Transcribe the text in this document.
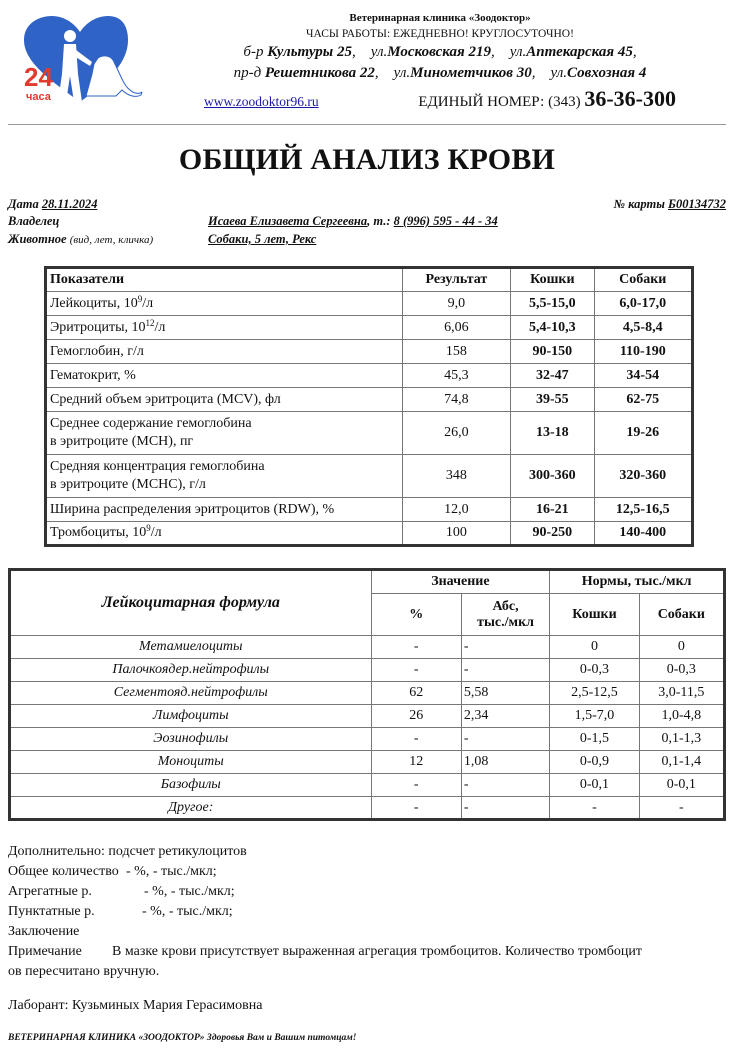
24
часа
Ветеринарная клиника «Зоодоктор»
ЧАСЫ РАБОТЫ: ЕЖЕДНЕВНО! КРУГЛОСУТОЧНО!
б-р Культуры 25, ул.Московская 219, ул.Аптекарская 45,
пр-д Решетникова 22, ул.Минометчиков 30, ул.Совхозная 4
www.zoodoktor96.ru	ЕДИНЫЙ НОМЕР: (343) 36-36-300
ОБЩИЙ АНАЛИЗ КРОВИ
Дата 28.11.2024	№ карты Б00134732
Владелец	Исаева Елизавета Сергеевна, т.: 8 (996) 595 - 44 - 34
Животное (вид, лет, кличка)	Собаки, 5 лет, Рекс
Показатели	Результат	Кошки	Собаки
Лейкоциты, $10^9/л$	9,0	5,5-15,0	6,0-17,0
Эритроциты, $10^{12}/л$	6,06	5,4-10,3	4,5-8,4
Гемоглобин, г/л	158	90-150	110-190
Гематокрит, %	45,3	32-47	34-54
Средний объем эритроцита (MCV), фл	74,8	39-55	62-75

Среднее содержание гемоглобина
в эритроците (MCH), пг	26,0	13-18	19-26

Средняя концентрация гемоглобина
в эритроците (MCHC), г/л	348	300-360	320-360
Ширина распределения эритроцитов (RDW), %	12,0	16-21	12,5-16,5
Тромбоциты, $10^9/л$	100	90-250	140-400
Лейкоцитарная формула	Значение		Нормы, тыс./мкл	
	%	Абс,
тыс./мкл	Кошки	Собаки
Метамиелоциты	-	-	0	0
Палочкоядер.нейтрофилы	-	-	0-0,3	0-0,3
Сегментояд.нейтрофилы	62	5,58	2,5-12,5	3,0-11,5
Лимфоциты	26	2,34	1,5-7,0	1,0-4,8
Эозинофилы	-	-	0-1,5	0,1-1,3
Моноциты	12	1,08	0-0,9	0,1-1,4
Базофилы	-	-	0-0,1	0-0,1
Другое:	-	-	-	-
Дополнительно: подсчет ретикулоцитов
Общее количество - %, - тыс./мкл;
Агрегатные р.	- %, - тыс./мкл;
Пунктатные р.	- %, - тыс./мкл;
Заключение
Примечание В мазке крови присутствует выраженная агрегация тромбоцитов. Количество тромбоцит
ов пересчитано вручную.
Лаборант: Кузьминых Мария Герасимовна
ВЕТЕРИНАРНАЯ КЛИНИКА «ЗООДОКТОР» Здоровья Вам и Вашим питомцам!
